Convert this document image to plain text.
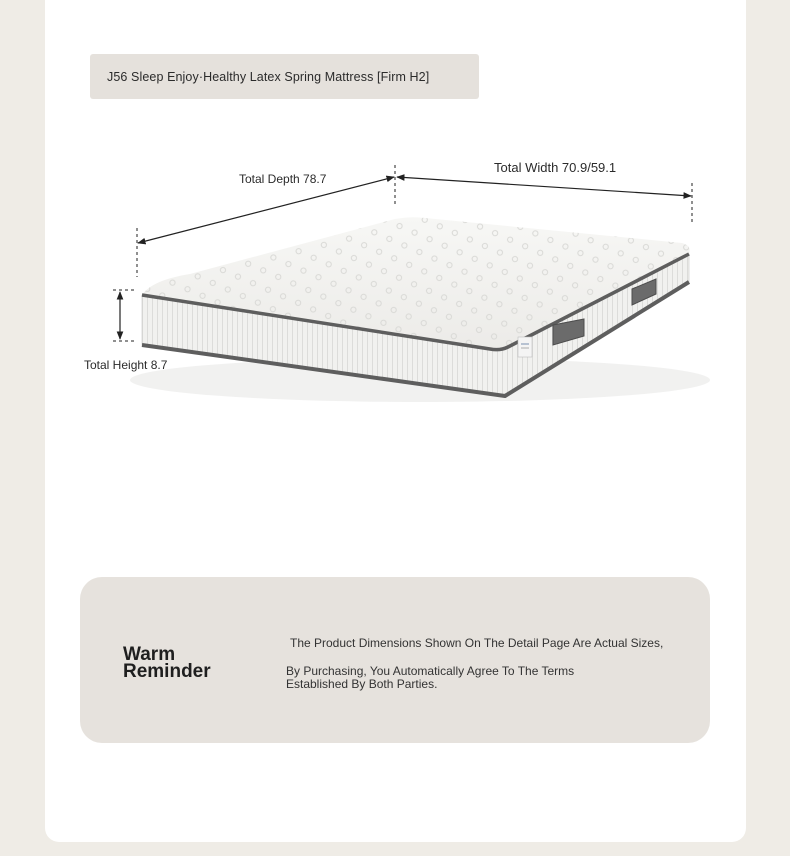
J56 Sleep Enjoy·Healthy Latex Spring Mattress [Firm H2]
Total Depth 78.7
Total Width 70.9/59.1
Total Height 8.7
Warm Reminder
The Product Dimensions Shown On The Detail Page Are Actual Sizes,
By Purchasing, You Automatically Agree To The Terms Established By Both Parties.
